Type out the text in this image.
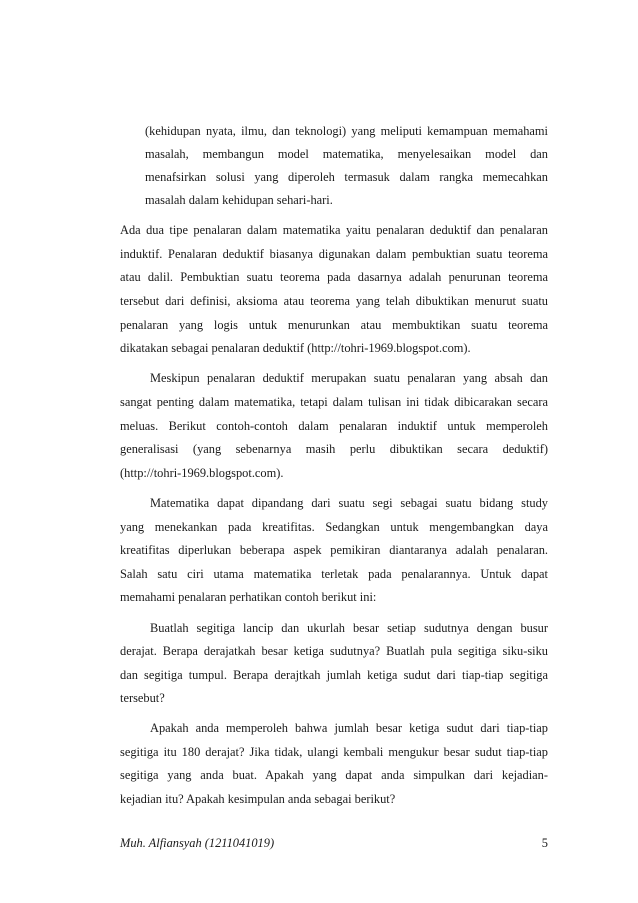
(kehidupan nyata, ilmu, dan teknologi) yang meliputi kemampuan memahami
masalah, membangun model matematika, menyelesaikan model dan
menafsirkan solusi yang diperoleh termasuk dalam rangka memecahkan
masalah dalam kehidupan sehari-hari.
Ada dua tipe penalaran dalam matematika yaitu penalaran deduktif dan penalaran
induktif. Penalaran deduktif biasanya digunakan dalam pembuktian suatu teorema
atau dalil. Pembuktian suatu teorema pada dasarnya adalah penurunan teorema
tersebut dari definisi, aksioma atau teorema yang telah dibuktikan menurut suatu
penalaran yang logis untuk menurunkan atau membuktikan suatu teorema
dikatakan sebagai penalaran deduktif (http://tohri-1969.blogspot.com).
Meskipun penalaran deduktif merupakan suatu penalaran yang absah dan
sangat penting dalam matematika, tetapi dalam tulisan ini tidak dibicarakan secara
meluas. Berikut contoh-contoh dalam penalaran induktif untuk memperoleh
generalisasi (yang sebenarnya masih perlu dibuktikan secara deduktif)
(http://tohri-1969.blogspot.com).
Matematika dapat dipandang dari suatu segi sebagai suatu bidang study
yang menekankan pada kreatifitas. Sedangkan untuk mengembangkan daya
kreatifitas diperlukan beberapa aspek pemikiran diantaranya adalah penalaran.
Salah satu ciri utama matematika terletak pada penalarannya. Untuk dapat
memahami penalaran perhatikan contoh berikut ini:
Buatlah segitiga lancip dan ukurlah besar setiap sudutnya dengan busur
derajat. Berapa derajatkah besar ketiga sudutnya? Buatlah pula segitiga siku-siku
dan segitiga tumpul. Berapa derajtkah jumlah ketiga sudut dari tiap-tiap segitiga
tersebut?
Apakah anda memperoleh bahwa jumlah besar ketiga sudut dari tiap-tiap
segitiga itu 180 derajat? Jika tidak, ulangi kembali mengukur besar sudut tiap-tiap
segitiga yang anda buat. Apakah yang dapat anda simpulkan dari kejadian-
kejadian itu? Apakah kesimpulan anda sebagai berikut?
Muh. Alfiansyah (1211041019)	5
